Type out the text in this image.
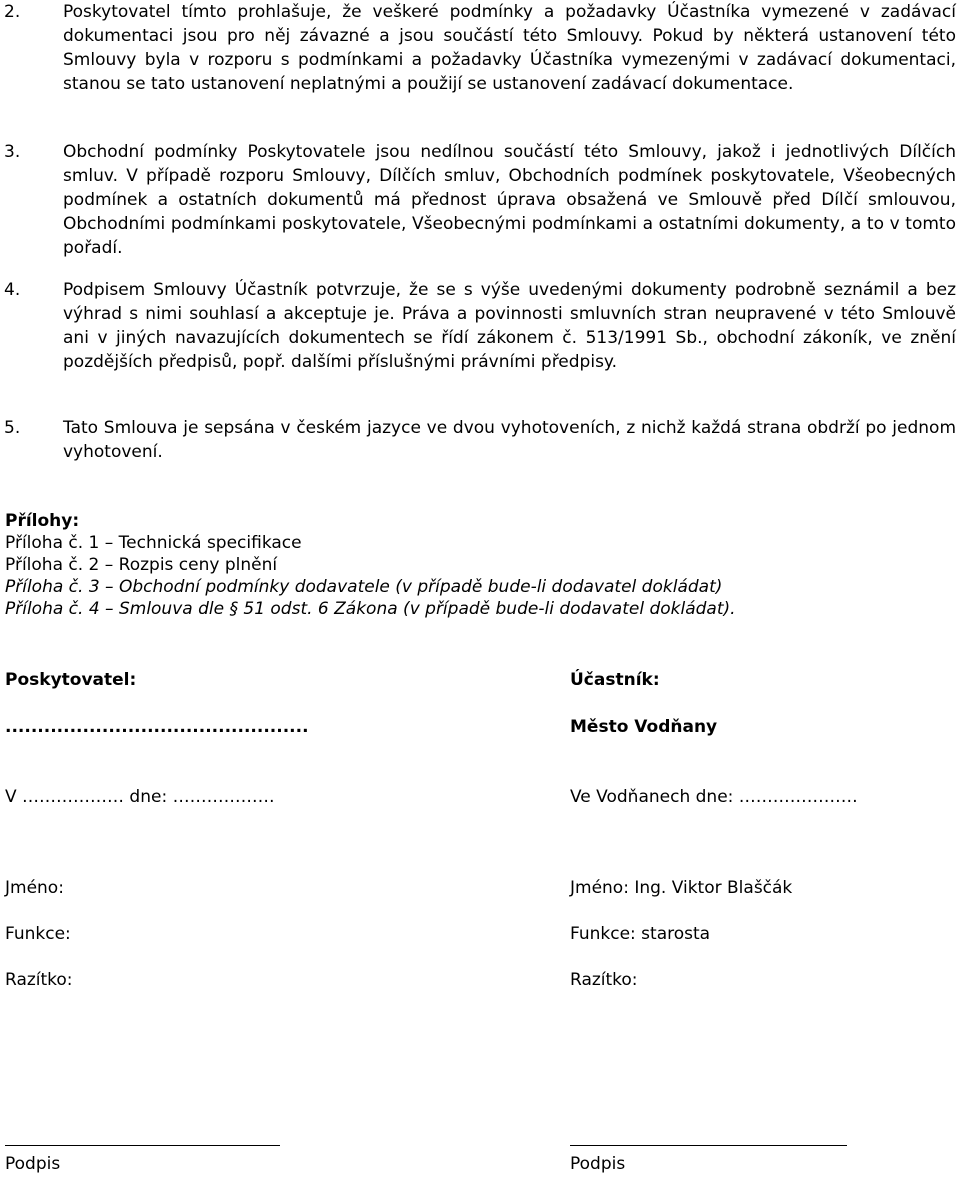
2.	Poskytovatel tímto prohlašuje, že veškeré podmínky a požadavky Účastníka vymezené v zadávací dokumentaci jsou pro něj závazné a jsou součástí této Smlouvy. Pokud by některá ustanovení této Smlouvy byla v rozporu s podmínkami a požadavky Účastníka vymezenými v zadávací dokumentaci, stanou se tato ustanovení neplatnými a použijí se ustanovení zadávací dokumentace.
3.	Obchodní podmínky Poskytovatele jsou nedílnou součástí této Smlouvy, jakož i jednotlivých Dílčích smluv. V případě rozporu Smlouvy, Dílčích smluv, Obchodních podmínek poskytovatele, Všeobecných podmínek a ostatních dokumentů má přednost úprava obsažená ve Smlouvě před Dílčí smlouvou, Obchodními podmínkami poskytovatele, Všeobecnými podmínkami a ostatními dokumenty, a to v tomto pořadí.
4.	Podpisem Smlouvy Účastník potvrzuje, že se s výše uvedenými dokumenty podrobně seznámil a bez výhrad s nimi souhlasí a akceptuje je. Práva a povinnosti smluvních stran neupravené v této Smlouvě ani v jiných navazujících dokumentech se řídí zákonem č. 513/1991 Sb., obchodní zákoník, ve znění pozdějších předpisů, popř. dalšími příslušnými právními předpisy.
5.	Tato Smlouva je sepsána v českém jazyce ve dvou vyhotoveních, z nichž každá strana obdrží po jednom vyhotovení.
Přílohy:
Příloha č. 1 – Technická specifikace
Příloha č. 2 – Rozpis ceny plnění
Příloha č. 3 – Obchodní podmínky dodavatele (v případě bude-li dodavatel dokládat)
Příloha č. 4 – Smlouva dle § 51 odst. 6 Zákona (v případě bude-li dodavatel dokládat).
Poskytovatel:
...............................................
V ……………… dne: ………………
Jméno:
Funkce:
Razítko:
Podpis
Účastník:
Město Vodňany
Ve Vodňanech dne: …………………
Jméno: Ing. Viktor Blaščák
Funkce: starosta
Razítko:
Podpis
